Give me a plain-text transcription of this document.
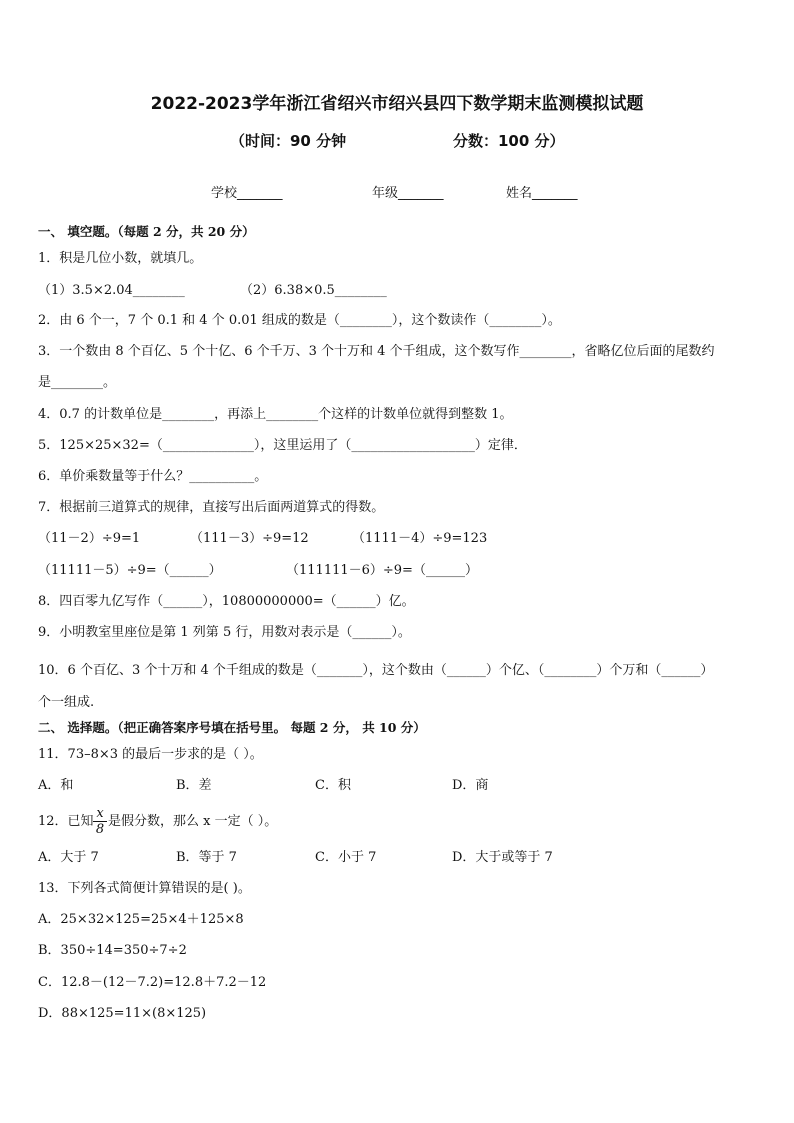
2022-2023学年浙江省绍兴市绍兴县四下数学期末监测模拟试题
（时间：90 分钟	分数：100 分）
学校_______	年级_______	姓名_______
一、 填空题。（每题 2 分，共 20 分）
1．积是几位小数，就填几。
（1）3.5×2.04________	（2）6.38×0.5________
2．由 6 个一，7 个 0.1 和 4 个 0.01 组成的数是（________），这个数读作（________）。
3．一个数由 8 个百亿、5 个十亿、6 个千万、3 个十万和 4 个千组成，这个数写作________，省略亿位后面的尾数约
是________。
4．0.7 的计数单位是________，再添上________个这样的计数单位就得到整数 1。
5．125×25×32=（______________），这里运用了（___________________）定律．
6．单价乘数量等于什么？__________。
7．根据前三道算式的规律，直接写出后面两道算式的得数。
（11－2）÷9=1	（111－3）÷9=12	（1111－4）÷9=123
（11111－5）÷9=（______）	（111111－6）÷9=（______）
8．四百零九亿写作（______），10800000000=（______）亿。
9．小明教室里座位是第 1 列第 5 行，用数对表示是（______）。
10．6 个百亿、3 个十万和 4 个千组成的数是（_______），这个数由（______）个亿、（________）个万和（______）
个一组成.
二、 选择题。（把正确答案序号填在括号里。 每题 2 分， 共 10 分）
11．73–8×3 的最后一步求的是（ ）。
A．和	B．差	C．积	D．商
12．已知 $\frac{x}{8}$ 是假分数，那么 x 一定（ ）。
A．大于 7	B．等于 7	C．小于 7	D．大于或等于 7
13．下列各式简便计算错误的是( )。
A．25×32×125=25×4＋125×8
B．350÷14=350÷7÷2
C．12.8－(12－7.2)=12.8＋7.2－12
D．88×125=11×(8×125)
